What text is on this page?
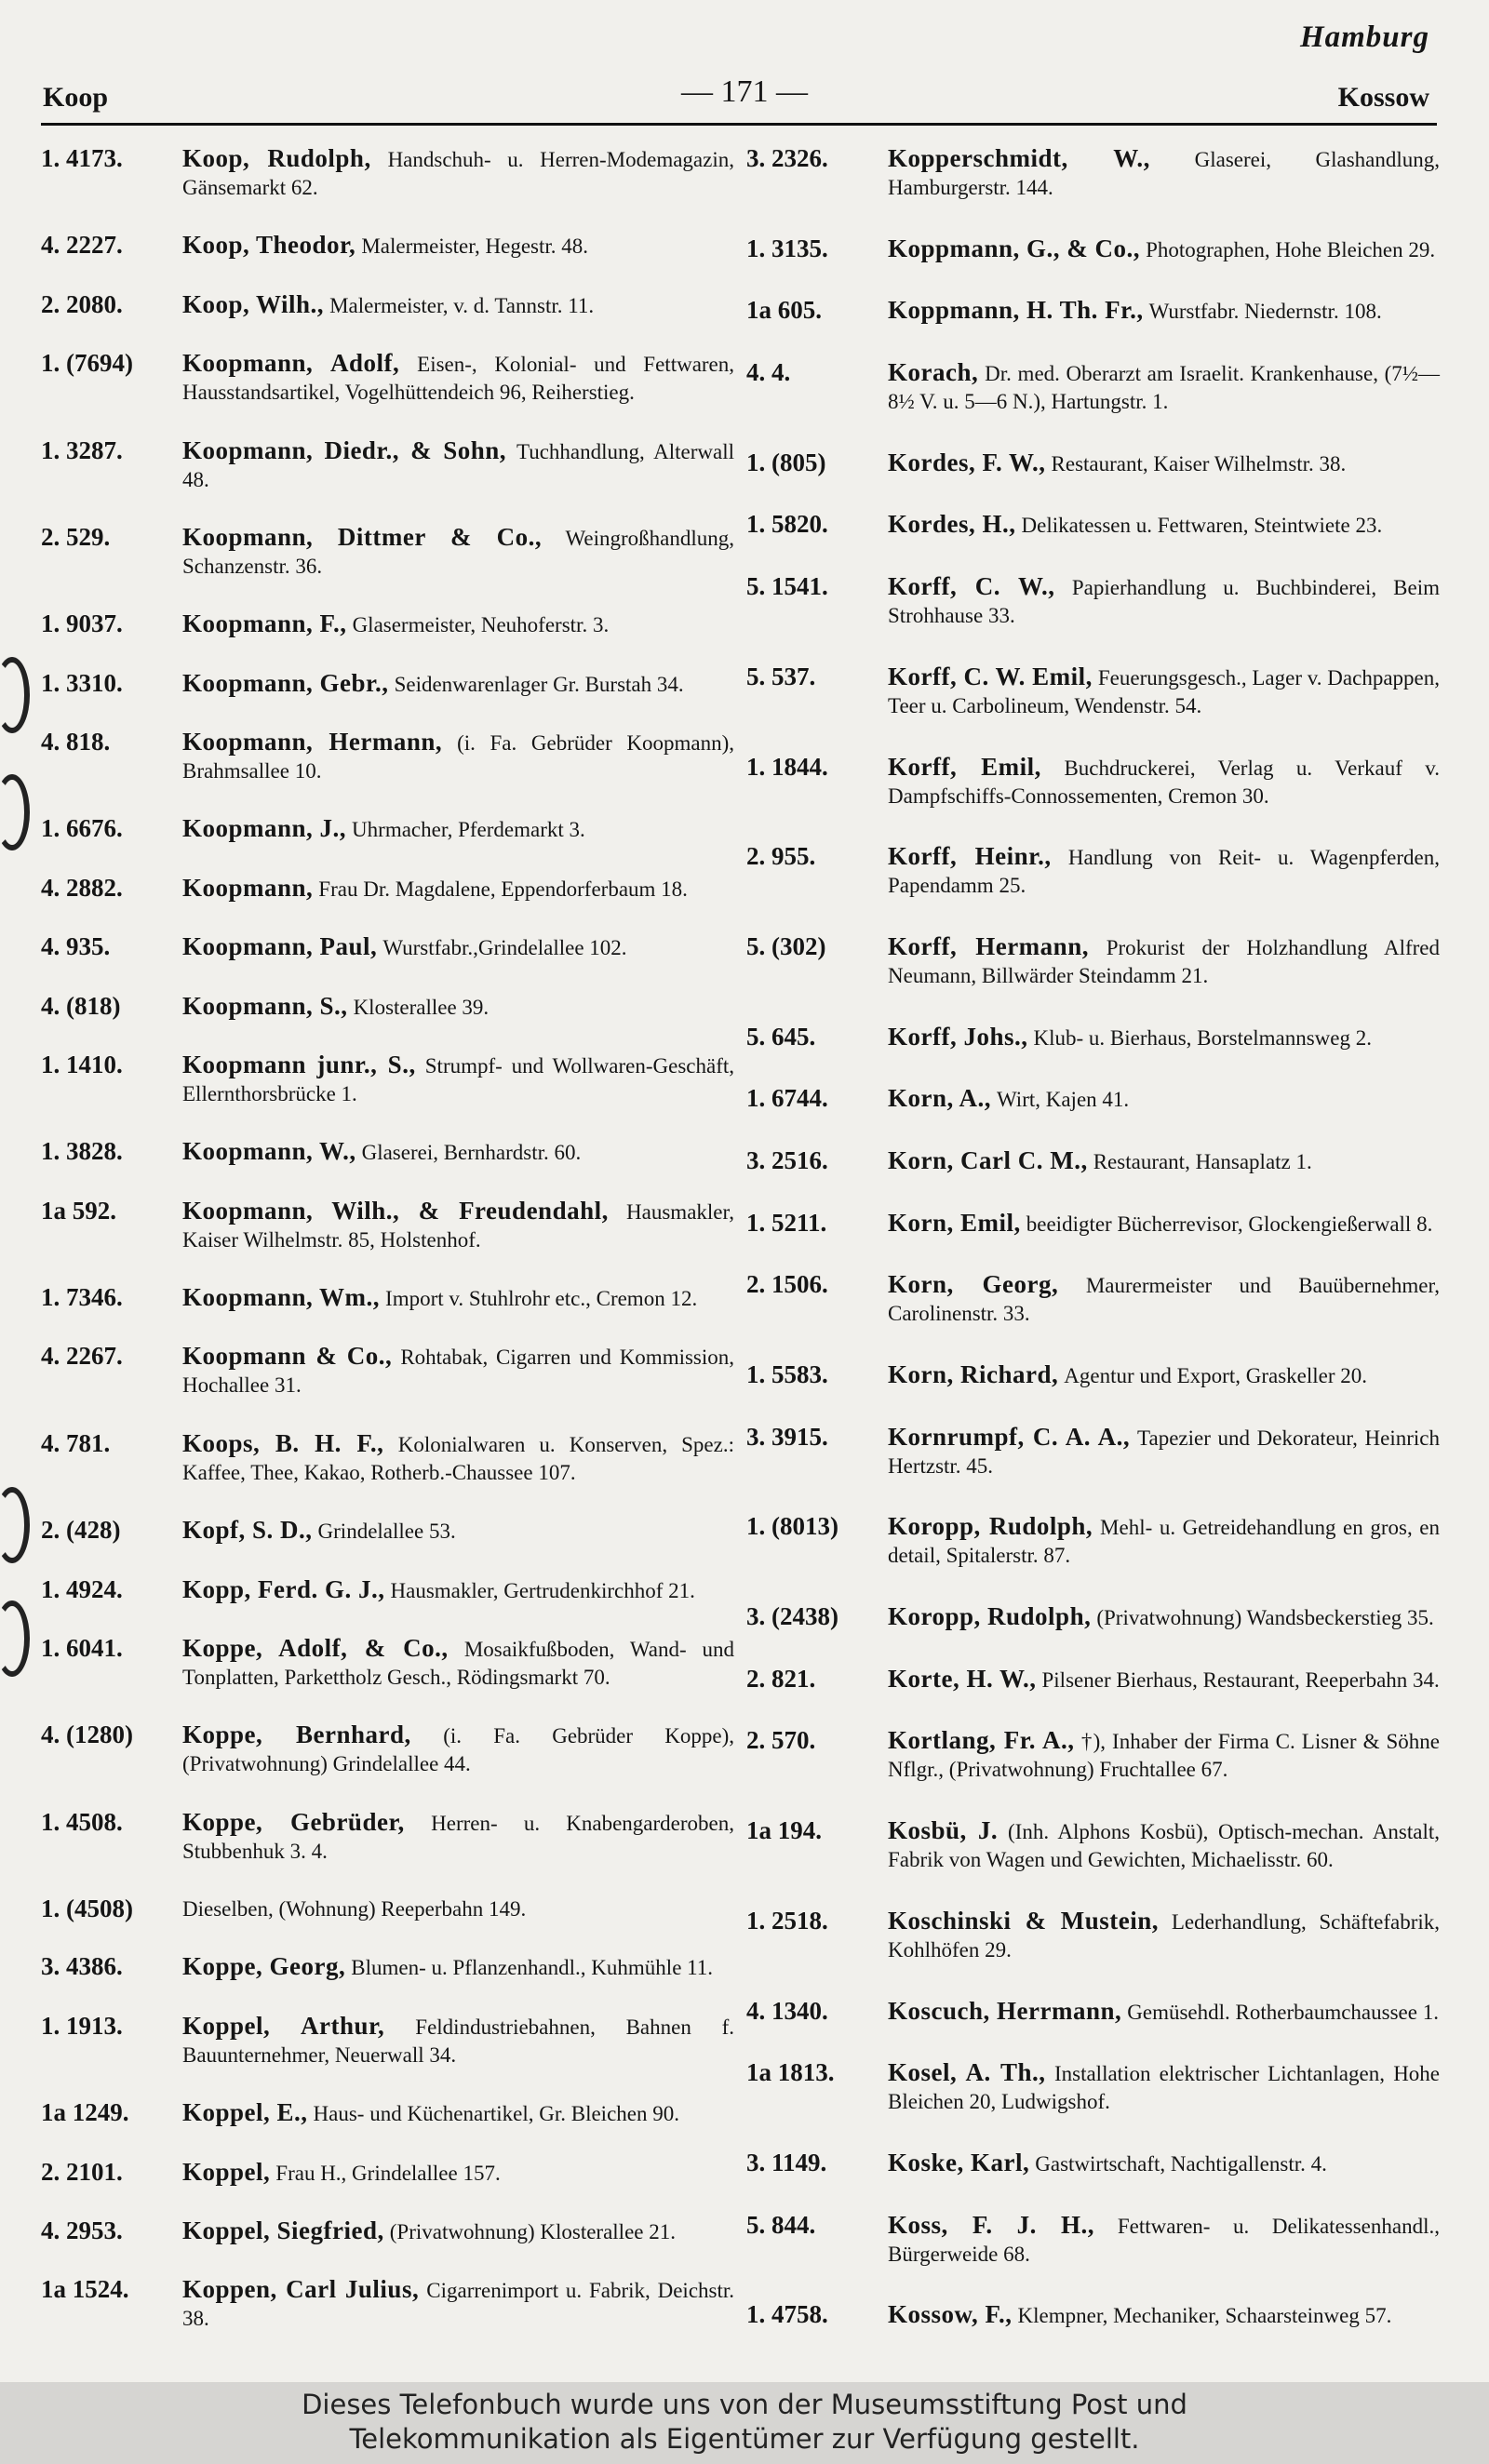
Hamburg
Koop	— 171 —	Kossow
1. 4173.	Koop, Rudolph, Handschuh- u. Herren-Modemagazin, Gänsemarkt 62.
4. 2227.	Koop, Theodor, Malermeister, Hegestr. 48.
2. 2080.	Koop, Wilh., Malermeister, v. d. Tannstr. 11.
1. (7694)	Koopmann, Adolf, Eisen-, Kolonial- und Fettwaren, Hausstandsartikel, Vogelhüttendeich 96, Reiherstieg.
1. 3287.	Koopmann, Diedr., & Sohn, Tuchhandlung, Alterwall 48.
2. 529.	Koopmann, Dittmer & Co., Weingroßhandlung, Schanzenstr. 36.
1. 9037.	Koopmann, F., Glasermeister, Neuhoferstr. 3.
1. 3310.	Koopmann, Gebr., Seidenwarenlager Gr. Burstah 34.
4. 818.	Koopmann, Hermann, (i. Fa. Gebrüder Koopmann), Brahmsallee 10.
1. 6676.	Koopmann, J., Uhrmacher, Pferdemarkt 3.
4. 2882.	Koopmann, Frau Dr. Magdalene, Eppendorferbaum 18.
4. 935.	Koopmann, Paul, Wurstfabr.,Grindelallee 102.
4. (818)	Koopmann, S., Klosterallee 39.
1. 1410.	Koopmann junr., S., Strumpf- und Wollwaren-Geschäft, Ellernthorsbrücke 1.
1. 3828.	Koopmann, W., Glaserei, Bernhardstr. 60.
1a 592.	Koopmann, Wilh., & Freudendahl, Hausmakler, Kaiser Wilhelmstr. 85, Holstenhof.
1. 7346.	Koopmann, Wm., Import v. Stuhlrohr etc., Cremon 12.
4. 2267.	Koopmann & Co., Rohtabak, Cigarren und Kommission, Hochallee 31.
4. 781.	Koops, B. H. F., Kolonialwaren u. Konserven, Spez.: Kaffee, Thee, Kakao, Rotherb.-Chaussee 107.
2. (428)	Kopf, S. D., Grindelallee 53.
1. 4924.	Kopp, Ferd. G. J., Hausmakler, Gertrudenkirchhof 21.
1. 6041.	Koppe, Adolf, & Co., Mosaikfußboden, Wand- und Tonplatten, Parkettholz Gesch., Rödingsmarkt 70.
4. (1280)	Koppe, Bernhard, (i. Fa. Gebrüder Koppe), (Privatwohnung) Grindelallee 44.
1. 4508.	Koppe, Gebrüder, Herren- u. Knabengarderoben, Stubbenhuk 3. 4.
1. (4508)	Dieselben, (Wohnung) Reeperbahn 149.
3. 4386.	Koppe, Georg, Blumen- u. Pflanzenhandl., Kuhmühle 11.
1. 1913.	Koppel, Arthur, Feldindustriebahnen, Bahnen f. Bauunternehmer, Neuerwall 34.
1a 1249.	Koppel, E., Haus- und Küchenartikel, Gr. Bleichen 90.
2. 2101.	Koppel, Frau H., Grindelallee 157.
4. 2953.	Koppel, Siegfried, (Privatwohnung) Klosterallee 21.
1a 1524.	Koppen, Carl Julius, Cigarrenimport u. Fabrik, Deichstr. 38.
3. 2326.	Kopperschmidt, W., Glaserei, Glashandlung, Hamburgerstr. 144.
1. 3135.	Koppmann, G., & Co., Photographen, Hohe Bleichen 29.
1a 605.	Koppmann, H. Th. Fr., Wurstfabr. Niedernstr. 108.
4. 4.	Korach, Dr. med. Oberarzt am Israelit. Krankenhause, (7½—8½ V. u. 5—6 N.), Hartungstr. 1.
1. (805)	Kordes, F. W., Restaurant, Kaiser Wilhelmstr. 38.
1. 5820.	Kordes, H., Delikatessen u. Fettwaren, Steintwiete 23.
5. 1541.	Korff, C. W., Papierhandlung u. Buchbinderei, Beim Strohhause 33.
5. 537.	Korff, C. W. Emil, Feuerungsgesch., Lager v. Dachpappen, Teer u. Carbolineum, Wendenstr. 54.
1. 1844.	Korff, Emil, Buchdruckerei, Verlag u. Verkauf v. Dampfschiffs-Connossementen, Cremon 30.
2. 955.	Korff, Heinr., Handlung von Reit- u. Wagenpferden, Papendamm 25.
5. (302)	Korff, Hermann, Prokurist der Holzhandlung Alfred Neumann, Billwärder Steindamm 21.
5. 645.	Korff, Johs., Klub- u. Bierhaus, Borstelmannsweg 2.
1. 6744.	Korn, A., Wirt, Kajen 41.
3. 2516.	Korn, Carl C. M., Restaurant, Hansaplatz 1.
1. 5211.	Korn, Emil, beeidigter Bücherrevisor, Glockengießerwall 8.
2. 1506.	Korn, Georg, Maurermeister und Bauübernehmer, Carolinenstr. 33.
1. 5583.	Korn, Richard, Agentur und Export, Graskeller 20.
3. 3915.	Kornrumpf, C. A. A., Tapezier und Dekorateur, Heinrich Hertzstr. 45.
1. (8013)	Koropp, Rudolph, Mehl- u. Getreidehandlung en gros, en detail, Spitalerstr. 87.
3. (2438)	Koropp, Rudolph, (Privatwohnung) Wandsbeckerstieg 35.
2. 821.	Korte, H. W., Pilsener Bierhaus, Restaurant, Reeperbahn 34.
2. 570.	Kortlang, Fr. A., †), Inhaber der Firma C. Lisner & Söhne Nflgr., (Privatwohnung) Fruchtallee 67.
1a 194.	Kosbü, J. (Inh. Alphons Kosbü), Optisch-mechan. Anstalt, Fabrik von Wagen und Gewichten, Michaelisstr. 60.
1. 2518.	Koschinski & Mustein, Lederhandlung, Schäftefabrik, Kohlhöfen 29.
4. 1340.	Koscuch, Herrmann, Gemüsehdl. Rotherbaumchaussee 1.
1a 1813.	Kosel, A. Th., Installation elektrischer Lichtanlagen, Hohe Bleichen 20, Ludwigshof.
3. 1149.	Koske, Karl, Gastwirtschaft, Nachtigallenstr. 4.
5. 844.	Koss, F. J. H., Fettwaren- u. Delikatessenhandl., Bürgerweide 68.
1. 4758.	Kossow, F., Klempner, Mechaniker, Schaarsteinweg 57.
Dieses Telefonbuch wurde uns von der Museumsstiftung Post und
Telekommunikation als Eigentümer zur Verfügung gestellt.
